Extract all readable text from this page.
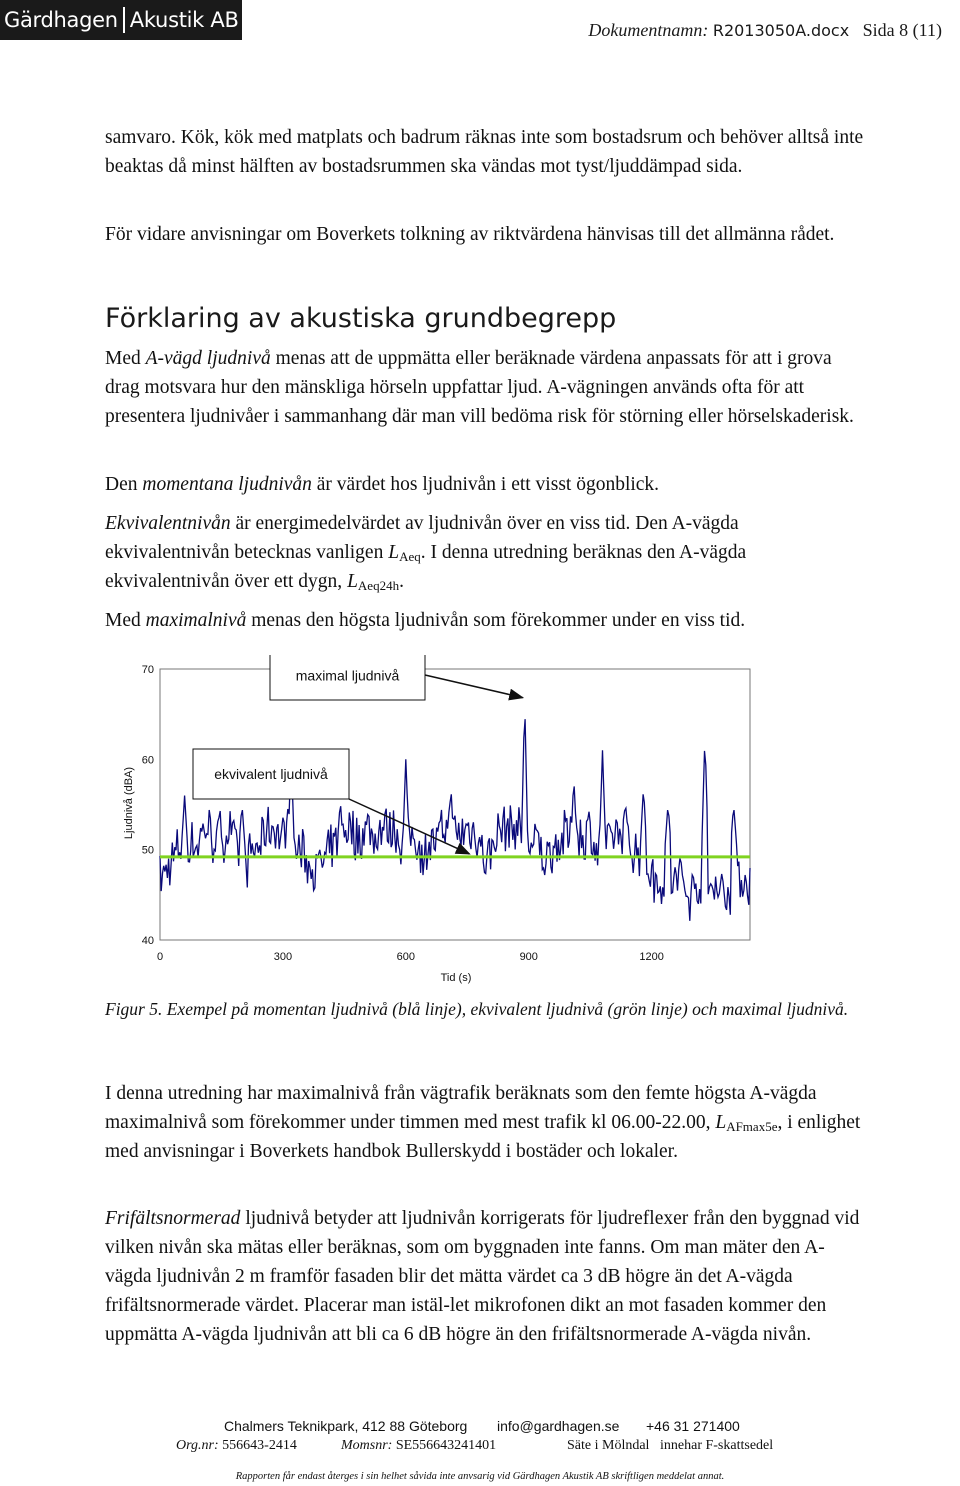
Gärdhagen Akustik AB	Dokumentnamn: R2013050A.docx Sida 8 (11)

samvaro. Kök, kök med matplats och badrum räknas inte som bostadsrum och behöver alltså inte beaktas då minst hälften av bostadsrummen ska vändas mot tyst/ljuddämpad sida.

För vidare anvisningar om Boverkets tolkning av riktvärdena hänvisas till det allmänna rådet.

Förklaring av akustiska grundbegrepp

Med A-vägd ljudnivå menas att de uppmätta eller beräknade värdena anpassats för att i grova drag motsvara hur den mänskliga hörseln uppfattar ljud. A-vägningen används ofta för att presentera ljudnivåer i sammanhang där man vill bedöma risk för störning eller hörselskaderisk.

Den momentana ljudnivån är värdet hos ljudnivån i ett visst ögonblick.

Ekvivalentnivån är energimedelvärdet av ljudnivån över en viss tid. Den A-vägda ekvivalentnivån betecknas vanligen $L_{Aeq}$. I denna utredning beräknas den A-vägda ekvivalentnivån över ett dygn, $L_{Aeq24h}$.

Med maximalnivå menas den högsta ljudnivån som förekommer under en viss tid.

Ljudnivå (dBA)
Tid (s)
70
60
50
40
0	300	600	900	1200
maximal ljudnivå
ekvivalent ljudnivå

Figur 5. Exempel på momentan ljudnivå (blå linje), ekvivalent ljudnivå (grön linje) och maximal ljudnivå.

I denna utredning har maximalnivå från vägtrafik beräknats som den femte högsta A-vägda maximalnivå som förekommer under timmen med mest trafik kl 06.00-22.00, $L_{AFmax5e}$, i enlighet med anvisningar i Boverkets handbok Bullerskydd i bostäder och lokaler.

Frifältsnormerad ljudnivå betyder att ljudnivån korrigerats för ljudreflexer från den byggnad vid vilken nivån ska mätas eller beräknas, som om byggnaden inte fanns. Om man mäter den A-vägda ljudnivån 2 m framför fasaden blir det mätta värdet ca 3 dB högre än det A-vägda frifältsnormerade värdet. Placerar man istäl-let mikrofonen dikt an mot fasaden kommer den uppmätta A-vägda ljudnivån att bli ca 6 dB högre än den frifältsnormerade A-vägda nivån.

Chalmers Teknikpark, 412 88 Göteborg info@gardhagen.se +46 31 271400
Org.nr: 556643-2414	Momsnr: SE556643241401	Säte i Mölndal innehar F-skattsedel
Rapporten får endast återges i sin helhet såvida inte anvsarig vid Gärdhagen Akustik AB skriftligen meddelat annat.
